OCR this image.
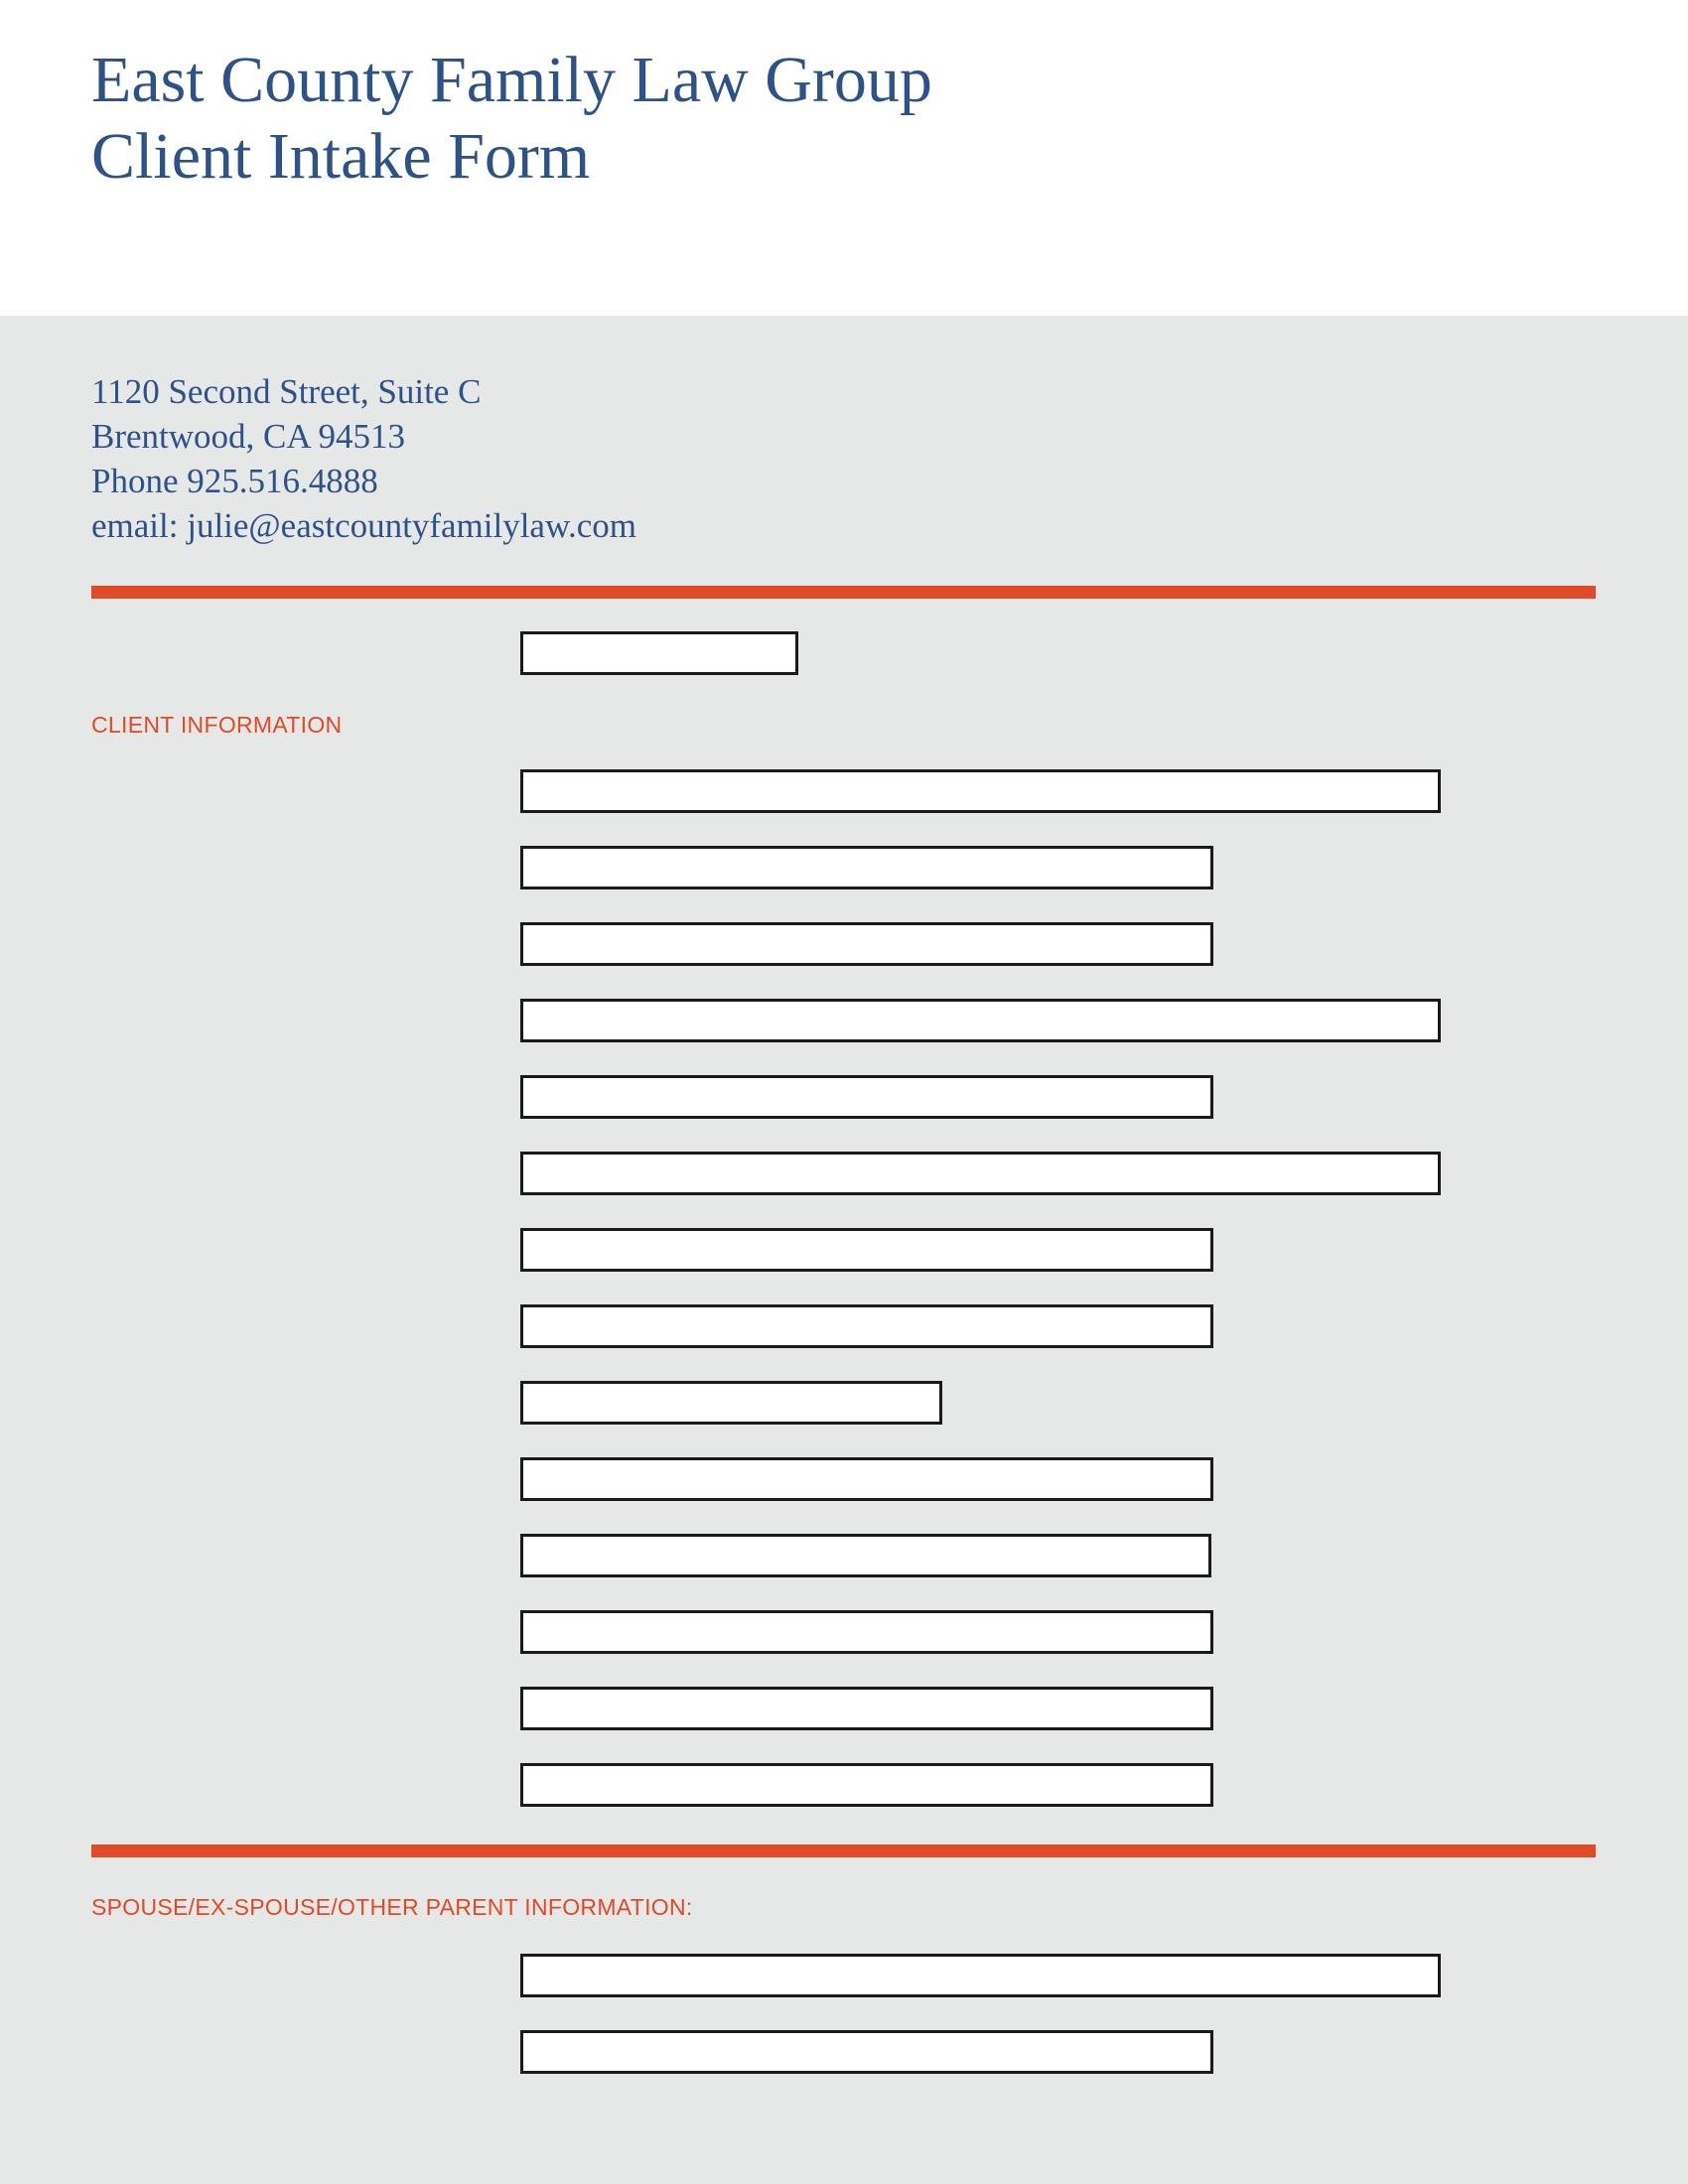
East County Family Law Group
Client Intake Form
1120 Second Street, Suite C
Brentwood, CA 94513
Phone 925.516.4888
email: julie@eastcountyfamilylaw.com
CLIENT INFORMATION
SPOUSE/EX-SPOUSE/OTHER PARENT INFORMATION:
